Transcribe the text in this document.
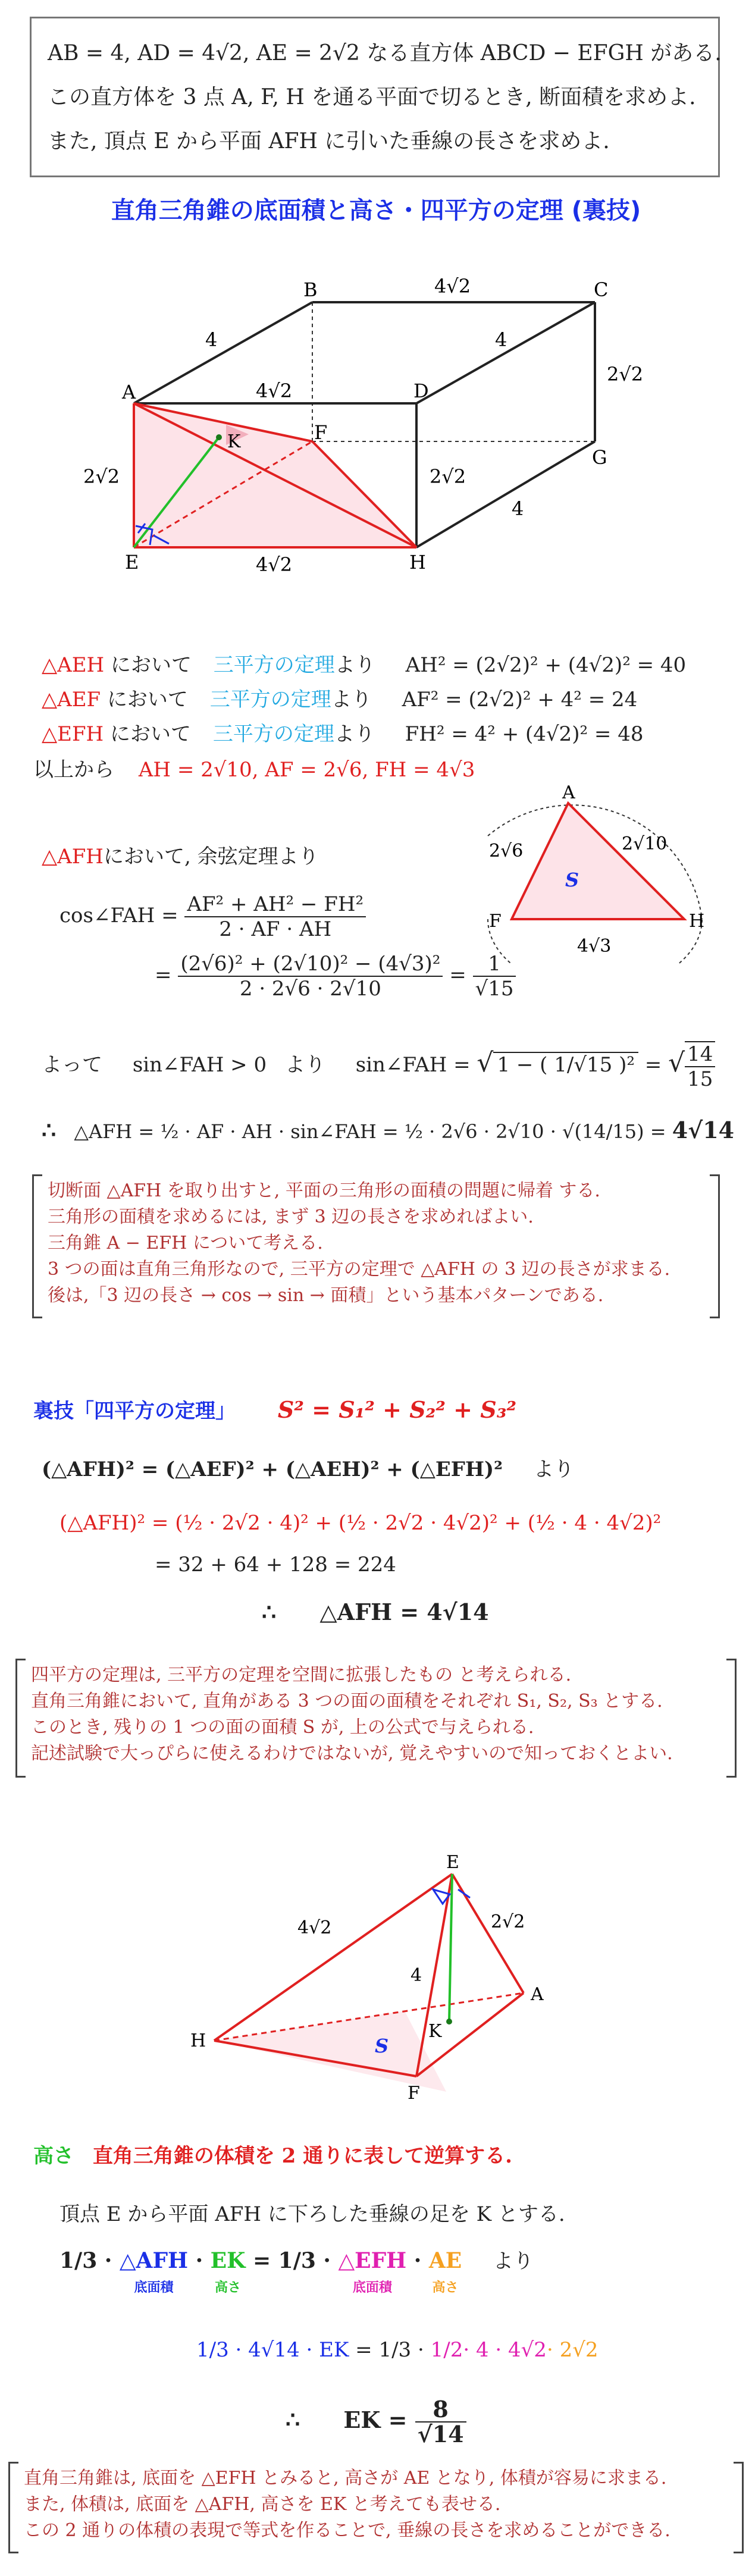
AB = 4, AD = 4√2, AE = 2√2 なる直方体 ABCD − EFGH がある.
この直方体を 3 点 A, F, H を通る平面で切るとき, 断面積を求めよ.
また, 頂点 E から平面 AFH に引いた垂線の長さを求めよ.
直角三角錐の底面積と高さ・四平方の定理 (裏技)
A
B	C
D
E
F
G
H
K
4
4√2
2√2
4√2
4
2√2	2√2
4√2
4
△AEH において 三平方の定理より AH² = (2√2)² + (4√2)² = 40
△AEF において 三平方の定理より AF² = (2√2)² + 4² = 24
△EFH において 三平方の定理より FH² = 4² + (4√2)² = 48
以上から AH = 2√10, AF = 2√6, FH = 4√3
A
F	H
S
2√6	2√10
4√3
△AFHにおいて, 余弦定理より
cos∠FAH = $\frac{\text{AF² + AH² − FH²}}{2 \cdot AF \cdot AH}$
= $\frac{\text{(2√6)² + (2√10)² − (4√3)²}}{2 \cdot 2√6 \cdot 2√10} = \frac{1}{√15}$
よって sin∠FAH > 0 より sin∠FAH = √ 1 − ( 1/√15 )² = √ $\frac{14}{15}$
∴ △AFH = ½ · AF · AH · sin∠FAH = ½ · 2√6 · 2√10 · √(14/15) = 4√14
切断面 △AFH を取り出すと, 平面の三角形の面積の問題に帰着 する.
三角形の面積を求めるには, まず 3 辺の長さを求めればよい.
三角錐 A − EFH について考える.
3 つの面は直角三角形なので, 三平方の定理で △AFH の 3 辺の長さが求まる.
後は,「3 辺の長さ → cos → sin → 面積」という基本パターンである.
裏技「四平方の定理」 S² = S₁² + S₂² + S₃²
(△AFH)² = (△AEF)² + (△AEH)² + (△EFH)² より
(△AFH)² = (½ · 2√2 · 4)² + (½ · 2√2 · 4√2)² + (½ · 4 · 4√2)²
= 32 + 64 + 128 = 224
∴ △AFH = 4√14
四平方の定理は, 三平方の定理を空間に拡張したもの と考えられる.
直角三角錐において, 直角がある 3 つの面の面積をそれぞれ S₁, S₂, S₃ とする.
このとき, 残りの 1 つの面の面積 S が, 上の公式で与えられる.
記述試験で大っぴらに使えるわけではないが, 覚えやすいので知っておくとよい.
E
H
A
F
K
S
4√2	2√2
4
高さ 直角三角錐の体積を 2 通りに表して逆算する.
頂点 E から平面 AFH に下ろした垂線の足を K とする.
1/3 · △AFH
底面積 · EK
高さ = 1/3 · △EFH
底面積 · AE
高さ より
1/3 · 4√14 · EK = 1/3 · 1/2· 4 · 4√2· 2√2
∴ EK = $\frac{8}{√14}$
直角三角錐は, 底面を △EFH とみると, 高さが AE となり, 体積が容易に求まる.
また, 体積は, 底面を △AFH, 高さを EK と考えても表せる.
この 2 通りの体積の表現で等式を作ることで, 垂線の長さを求めることができる.
